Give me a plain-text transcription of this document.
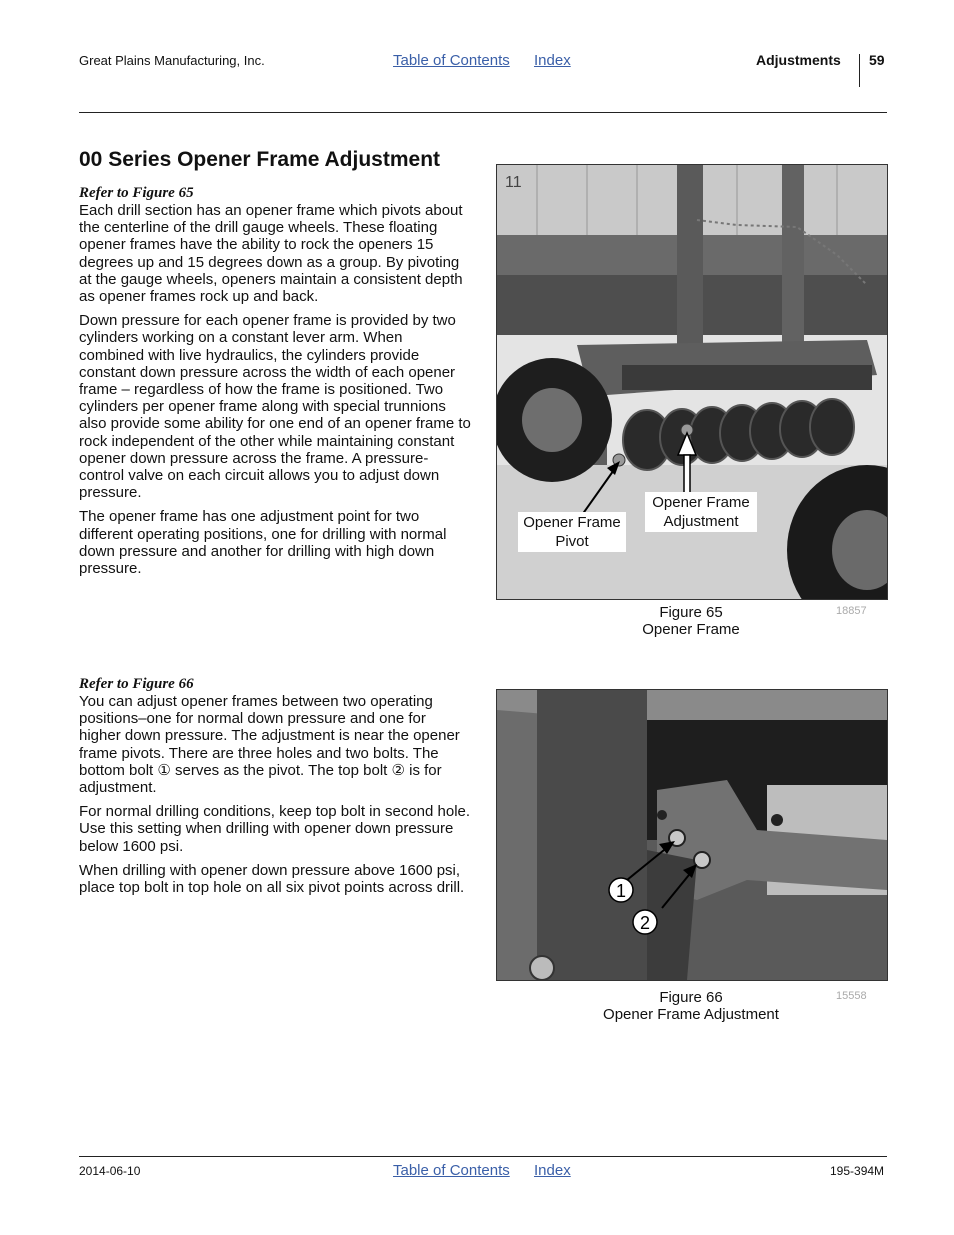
Great Plains Manufacturing, Inc.	Table of Contents Index	Adjustments 59
00 Series Opener Frame Adjustment
Refer to Figure 65

Each drill section has an opener frame which pivots about the centerline of the drill gauge wheels. These floating opener frames have the ability to rock the openers 15 degrees up and 15 degrees down as a group. By pivoting at the gauge wheels, openers maintain a consistent depth as opener frames rock up and back.

Down pressure for each opener frame is provided by two cylinders working on a constant lever arm. When combined with live hydraulics, the cylinders provide constant down pressure across the width of each opener frame – regardless of how the frame is positioned. Two cylinders per opener frame along with special trunnions also provide some ability for one end of an opener frame to rock independent of the other while maintaining constant opener down pressure across the frame. A pressure-control valve on each circuit allows you to adjust down pressure.

The opener frame has one adjustment point for two different operating positions, one for drilling with normal down pressure and another for drilling with high down pressure.

Refer to Figure 66

You can adjust opener frames between two operating positions–one for normal down pressure and one for higher down pressure. The adjustment is near the opener frame pivots. There are three holes and two bolts. The bottom bolt ① serves as the pivot. The top bolt ② is for adjustment.

For normal drilling conditions, keep top bolt in second hole. Use this setting when drilling with opener down pressure below 1600 psi.

When drilling with opener down pressure above 1600 psi, place top bolt in top hole on all six pivot points across drill.

11
Opener Frame
Pivot
Opener Frame
Adjustment
Figure 65
Opener Frame
18857
1
2
Figure 66
Opener Frame Adjustment
15558
2014-06-10	Table of Contents Index	195-394M
